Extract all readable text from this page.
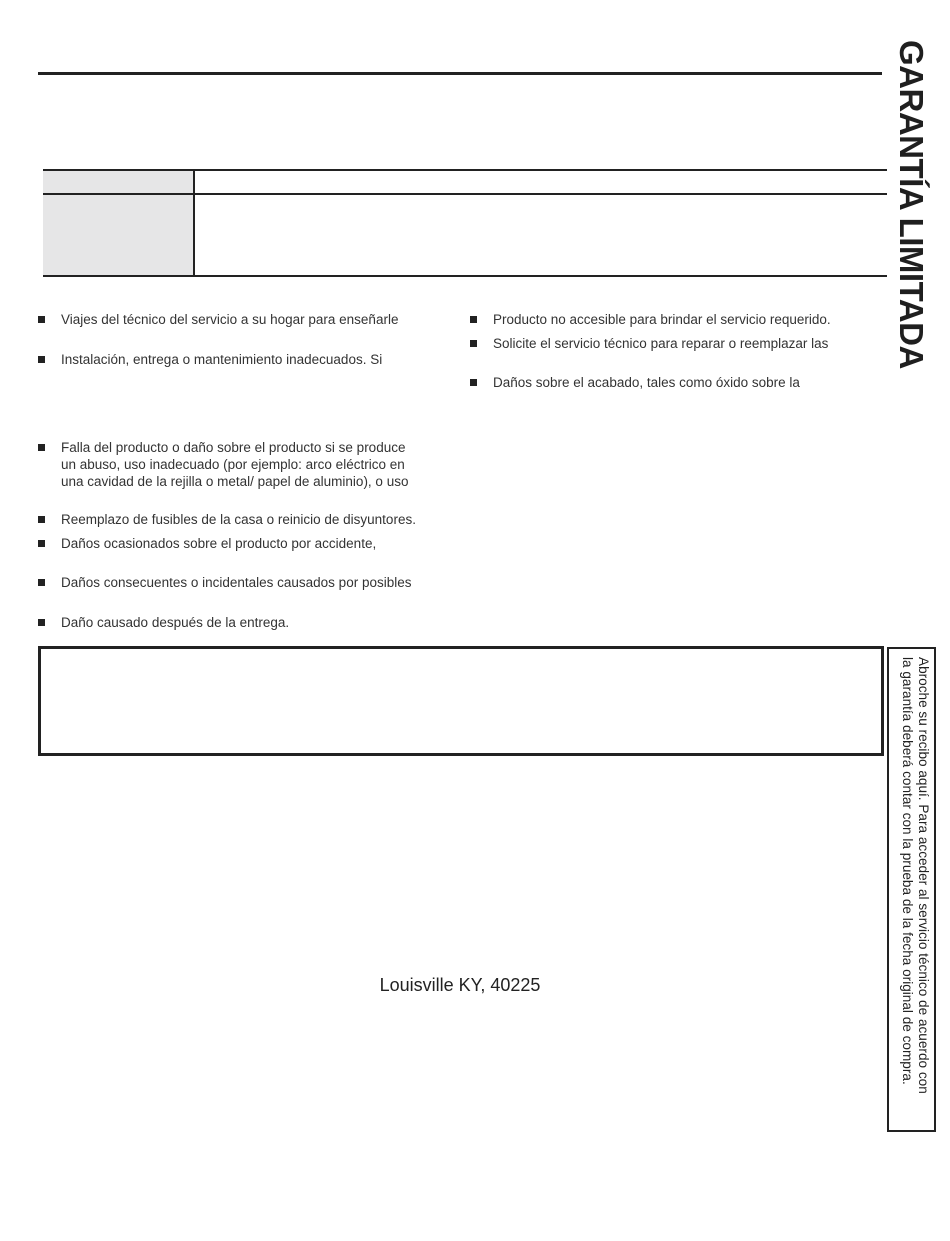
GARANTÍA LIMITADA
Viajes del técnico del servicio a su hogar para enseñarle
Instalación, entrega o mantenimiento inadecuados. Si
Falla del producto o daño sobre el producto si se produce
un abuso, uso inadecuado (por ejemplo: arco eléctrico en
una cavidad de la rejilla o metal/ papel de aluminio), o uso
Reemplazo de fusibles de la casa o reinicio de disyuntores.
Daños ocasionados sobre el producto por accidente,
Daños consecuentes o incidentales causados por posibles
Daño causado después de la entrega.
Producto no accesible para brindar el servicio requerido.
Solicite el servicio técnico para reparar o reemplazar las
Daños sobre el acabado, tales como óxido sobre la
Abroche su recibo aquí. Para acceder al servicio técnico de acuerdo con
la garantía deberá contar con la prueba de la fecha original de compra.
Louisville KY, 40225
